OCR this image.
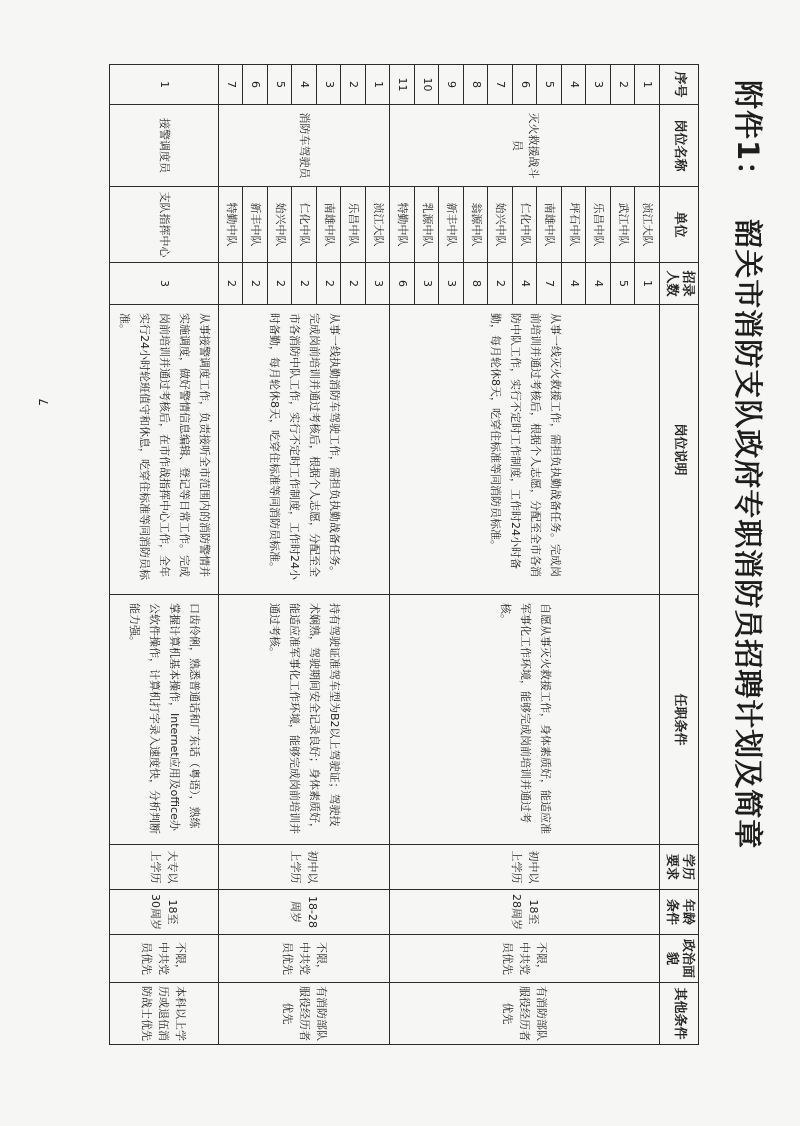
附件1：韶关市消防支队政府专职消防员招聘计划及简章
序号	岗位名称	单位	招录人数	岗位说明	任职条件	学历要求	年龄条件	政治面貌	其他条件
1	灭火救援战斗员	浈江大队	1	从事一线灭火救援工作，需担负执勤战备任务。完成岗前培训并通过考核后，根据个人志愿，分配至全市各消防中队工作，实行不定时工作制度，工作时24小时备勤，每月轮休8天，吃穿住标准等同消防员标准。	自愿从事灭火救援工作，身体素质好，能适应准军事化工作环境，能够完成岗前培训并通过考核。	初中以上学历	18至28周岁	不限，中共党员优先	有消防部队服役经历者优先
2		武江中队	5						
3		乐昌中队	4						
4		坪石中队	4						
5		南雄中队	7						
6		仁化中队	4						
7		始兴中队	2						
8		翁源中队	8						
9		新丰中队	3						
10		乳源中队	3						
11		特勤中队	6						
1	消防车驾驶员	浈江大队	3	从事一线执勤消防车驾驶工作，需担负执勤战备任务。完成岗前培训并通过考核后，根据个人志愿，分配至全市各消防中队工作，实行不定时工作制度，工作时24小时备勤，每月轮休8天，吃穿住标准等同消防员标准。	持有驾驶证准驾车型为B2以上驾驶证；驾驶技术娴熟，驾驶期间安全记录良好；身体素质好，能适应准军事化工作环境，能够完成岗前培训并通过考核。	初中以上学历	18-28周岁	不限，中共党员优先	有消防部队服役经历者优先
2		乐昌中队	2						
3		南雄中队	2						
4		仁化中队	2						
5		始兴中队	2						
6		新丰中队	2						
7		特勤中队	2						
1	接警调度员	支队指挥中心	3	从事接警调度工作，负责接听全市范围内的消防警情并实施调度，做好警情信息编辑、登记等日常工作。完成岗前培训并通过考核后，在市作战指挥中心工作，全年实行24小时轮班值守和休息，吃穿住标准等同消防员标准。	口齿伶俐，熟悉普通话和广东话（粤语），熟练掌握计算机基本操作，Internet应用及office办公软件操作，计算机打字录入速度快，分析判断能力强。	大专以上学历	18至30周岁	不限，中共党员优先	本科以上学历或退伍消防战士优先
7
